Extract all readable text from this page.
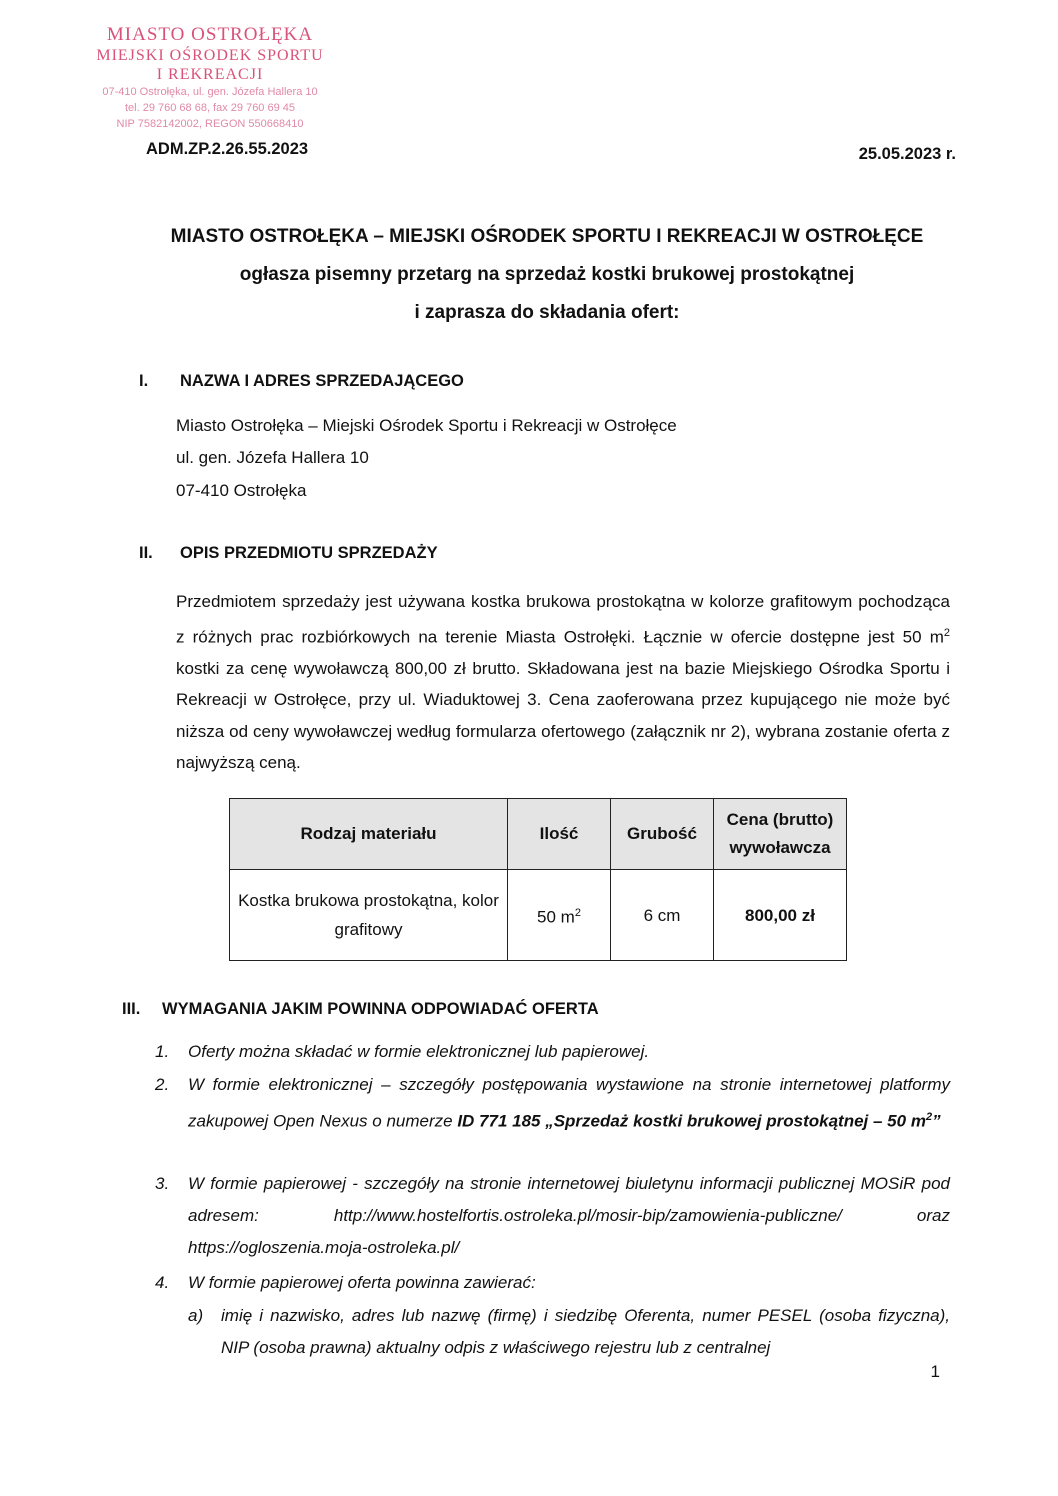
MIASTO OSTROŁĘKA
MIEJSKI OŚRODEK SPORTU
I REKREACJI
07-410 Ostrołęka, ul. gen. Józefa Hallera 10
tel. 29 760 68 68, fax 29 760 69 45
NIP 7582142002, REGON 550668410
ADM.ZP.2.26.55.2023	25.05.2023 r.
MIASTO OSTROŁĘKA – MIEJSKI OŚRODEK SPORTU I REKREACJI W OSTROŁĘCE
ogłasza pisemny przetarg na sprzedaż kostki brukowej prostokątnej
i zaprasza do składania ofert:
I. NAZWA I ADRES SPRZEDAJĄCEGO
Miasto Ostrołęka – Miejski Ośrodek Sportu i Rekreacji w Ostrołęce
ul. gen. Józefa Hallera 10
07-410 Ostrołęka
II. OPIS PRZEDMIOTU SPRZEDAŻY

Przedmiotem sprzedaży jest używana kostka brukowa prostokątna w kolorze grafitowym pochodząca z różnych prac rozbiórkowych na terenie Miasta Ostrołęki. Łącznie w ofercie dostępne jest 50 $m^2$ kostki za cenę wywoławczą 800,00 zł brutto. Składowana jest na bazie Miejskiego Ośrodka Sportu i Rekreacji w Ostrołęce, przy ul. Wiaduktowej 3. Cena zaoferowana przez kupującego nie może być niższa od ceny wywoławczej według formularza ofertowego (załącznik nr 2), wybrana zostanie oferta z najwyższą ceną.

Rodzaj materiału	Ilość	Grubość	Cena (brutto) wywoławcza
Kostka brukowa prostokątna, kolor grafitowy	50 $m^2$	6 cm	800,00 zł
III. WYMAGANIA JAKIM POWINNA ODPOWIADAĆ OFERTA
1. Oferty można składać w formie elektronicznej lub papierowej.
2. W formie elektronicznej – szczegóły postępowania wystawione na stronie internetowej platformy zakupowej Open Nexus o numerze ID 771 185 „Sprzedaż kostki brukowej prostokątnej – 50 $m^2$”
3. W formie papierowej - szczegóły na stronie internetowej biuletynu informacji publicznej MOSiR pod adresem: http://www.hostelfortis.ostroleka.pl/mosir-bip/zamowienia-publiczne/ oraz https://ogloszenia.moja-ostroleka.pl/
4. W formie papierowej oferta powinna zawierać:
a) imię i nazwisko, adres lub nazwę (firmę) i siedzibę Oferenta, numer PESEL (osoba fizyczna), NIP (osoba prawna) aktualny odpis z właściwego rejestru lub z centralnej
1
